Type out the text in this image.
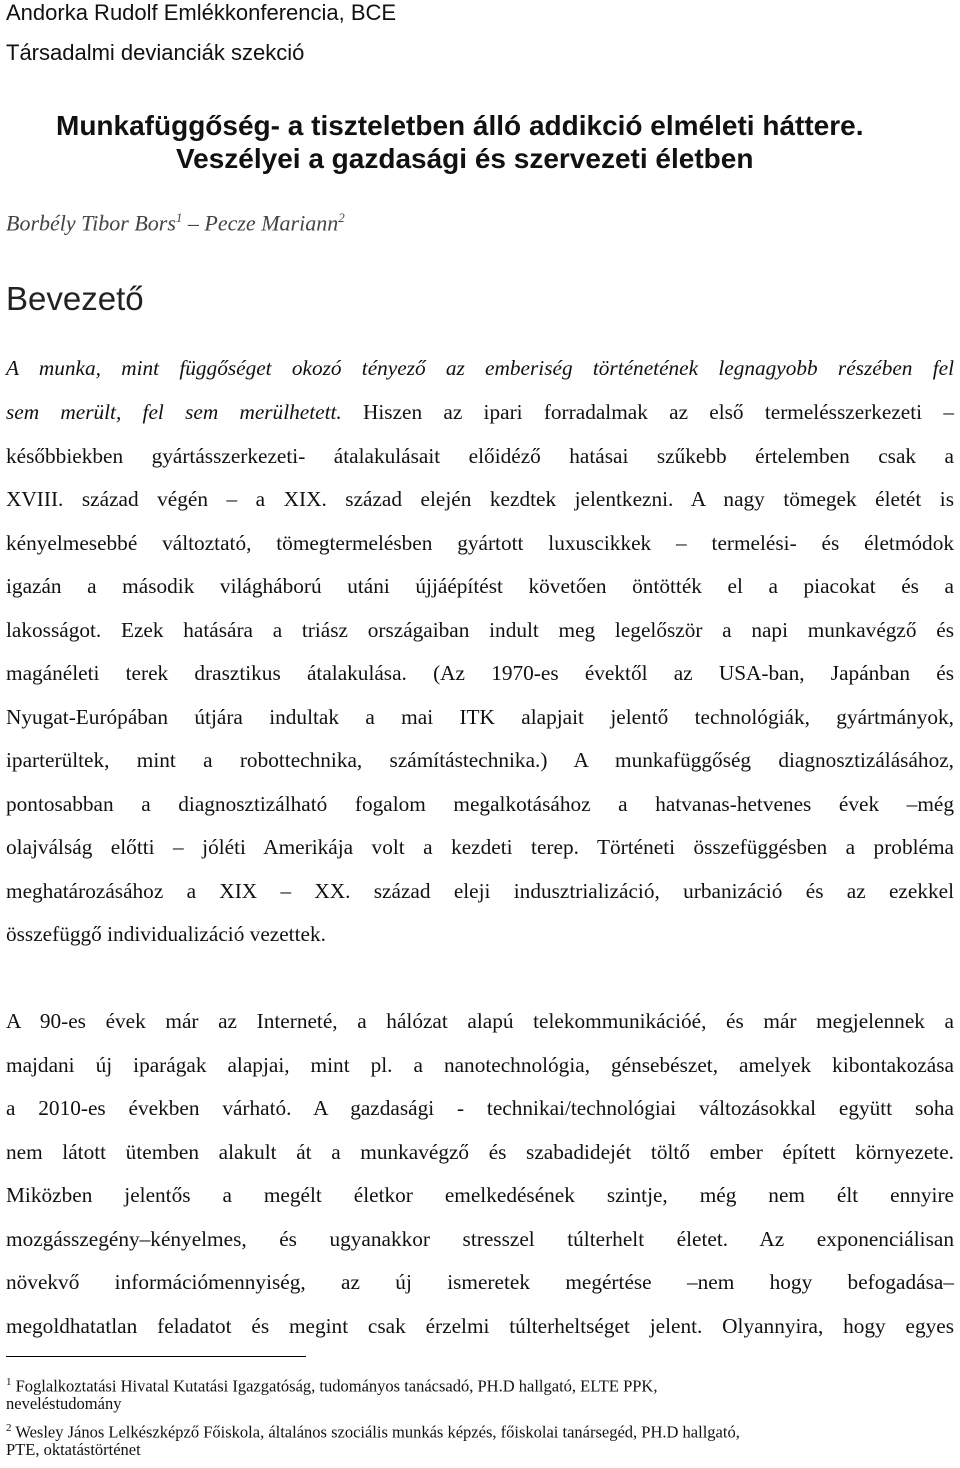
Andorka Rudolf Emlékkonferencia, BCE
Társadalmi devianciák szekció
Munkafüggőség- a tiszteletben álló addikció elméleti háttere.
Veszélyei a gazdasági és szervezeti életben
Borbély Tibor Bors$^1$ – Pecze Mariann$^2$
Bevezető
A munka, mint függőséget okozó tényező az emberiség történetének legnagyobb részében fel
sem merült, fel sem merülhetett. Hiszen az ipari forradalmak az első termelésszerkezeti –
későbbiekben gyártásszerkezeti- átalakulásait előidéző hatásai szűkebb értelemben csak a
XVIII. század végén – a XIX. század elején kezdtek jelentkezni. A nagy tömegek életét is
kényelmesebbé változtató, tömegtermelésben gyártott luxuscikkek – termelési- és életmódok
igazán a második világháború utáni újjáépítést követően öntötték el a piacokat és a
lakosságot. Ezek hatására a triász országaiban indult meg legelőször a napi munkavégző és
magánéleti terek drasztikus átalakulása. (Az 1970-es évektől az USA-ban, Japánban és
Nyugat-Európában útjára indultak a mai ITK alapjait jelentő technológiák, gyártmányok,
iparterültek, mint a robottechnika, számítástechnika.) A munkafüggőség diagnosztizálásához,
pontosabban a diagnosztizálható fogalom megalkotásához a hatvanas-hetvenes évek –még
olajválság előtti – jóléti Amerikája volt a kezdeti terep. Történeti összefüggésben a probléma
meghatározásához a XIX – XX. század eleji indusztrializáció, urbanizáció és az ezekkel
összefüggő individualizáció vezettek.
A 90-es évek már az Interneté, a hálózat alapú telekommunikációé, és már megjelennek a
majdani új iparágak alapjai, mint pl. a nanotechnológia, génsebészet, amelyek kibontakozása
a 2010-es években várható. A gazdasági - technikai/technológiai változásokkal együtt soha
nem látott ütemben alakult át a munkavégző és szabadidejét töltő ember épített környezete.
Miközben jelentős a megélt életkor emelkedésének szintje, még nem élt ennyire
mozgásszegény–kényelmes, és ugyanakkor stresszel túlterhelt életet. Az exponenciálisan
növekvő információmennyiség, az új ismeretek megértése –nem hogy befogadása–
megoldhatatlan feladatot és megint csak érzelmi túlterheltséget jelent. Olyannyira, hogy egyes
$^1$ Foglalkoztatási Hivatal Kutatási Igazgatóság, tudományos tanácsadó, PH.D hallgató, ELTE PPK,
neveléstudomány
$^2$ Wesley János Lelkészképző Főiskola, általános szociális munkás képzés, főiskolai tanársegéd, PH.D hallgató,
PTE, oktatástörténet
